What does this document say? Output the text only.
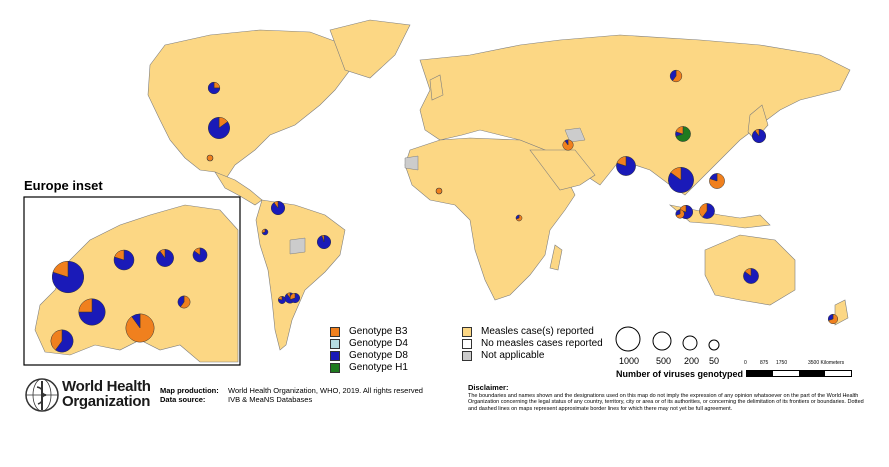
Europe inset
Genotype B3
Genotype D4
Genotype D8
Genotype H1
Measles case(s) reported
No measles cases reported
Not applicable	1000 500 200 50
Number of viruses genotyped
0	875 1750	3500 Kilometers
World Health
Organization
Map production: World Health Organization, WHO, 2019. All rights reserved
Data source:	IVB & MeaNS Databases
Disclaimer:
The boundaries and names shown and the designations used on this map do not imply the expression of any opinion whatsoever on the part of the World Health Organization concerning the legal status of any country, territory, city or area or of its authorities, or concerning the delimitation of its frontiers or boundaries. Dotted and dashed lines on maps represent approximate border lines for which there may not yet be full agreement.
